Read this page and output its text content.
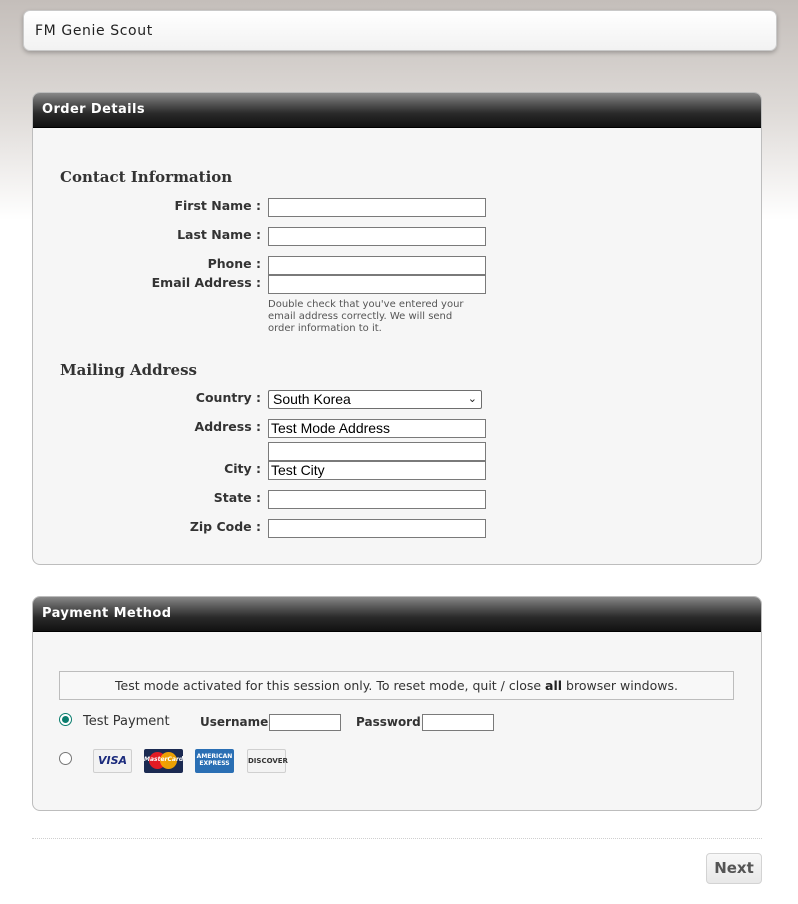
FM Genie Scout
Order Details
Contact Information
First Name :
Last Name :
Phone :
Email Address :
Double check that you've entered your email address correctly. We will send order information to it.
Mailing Address
Country : South Korea	⌄
Address : Test Mode Address
City : Test City
State :
Zip Code :
Payment Method
Test mode activated for this session only. To reset mode, quit / close all browser windows.
Test Payment	Username	Password
VISA	MasterCard AMERICAN EXPRESS	DISCOVER
Next
